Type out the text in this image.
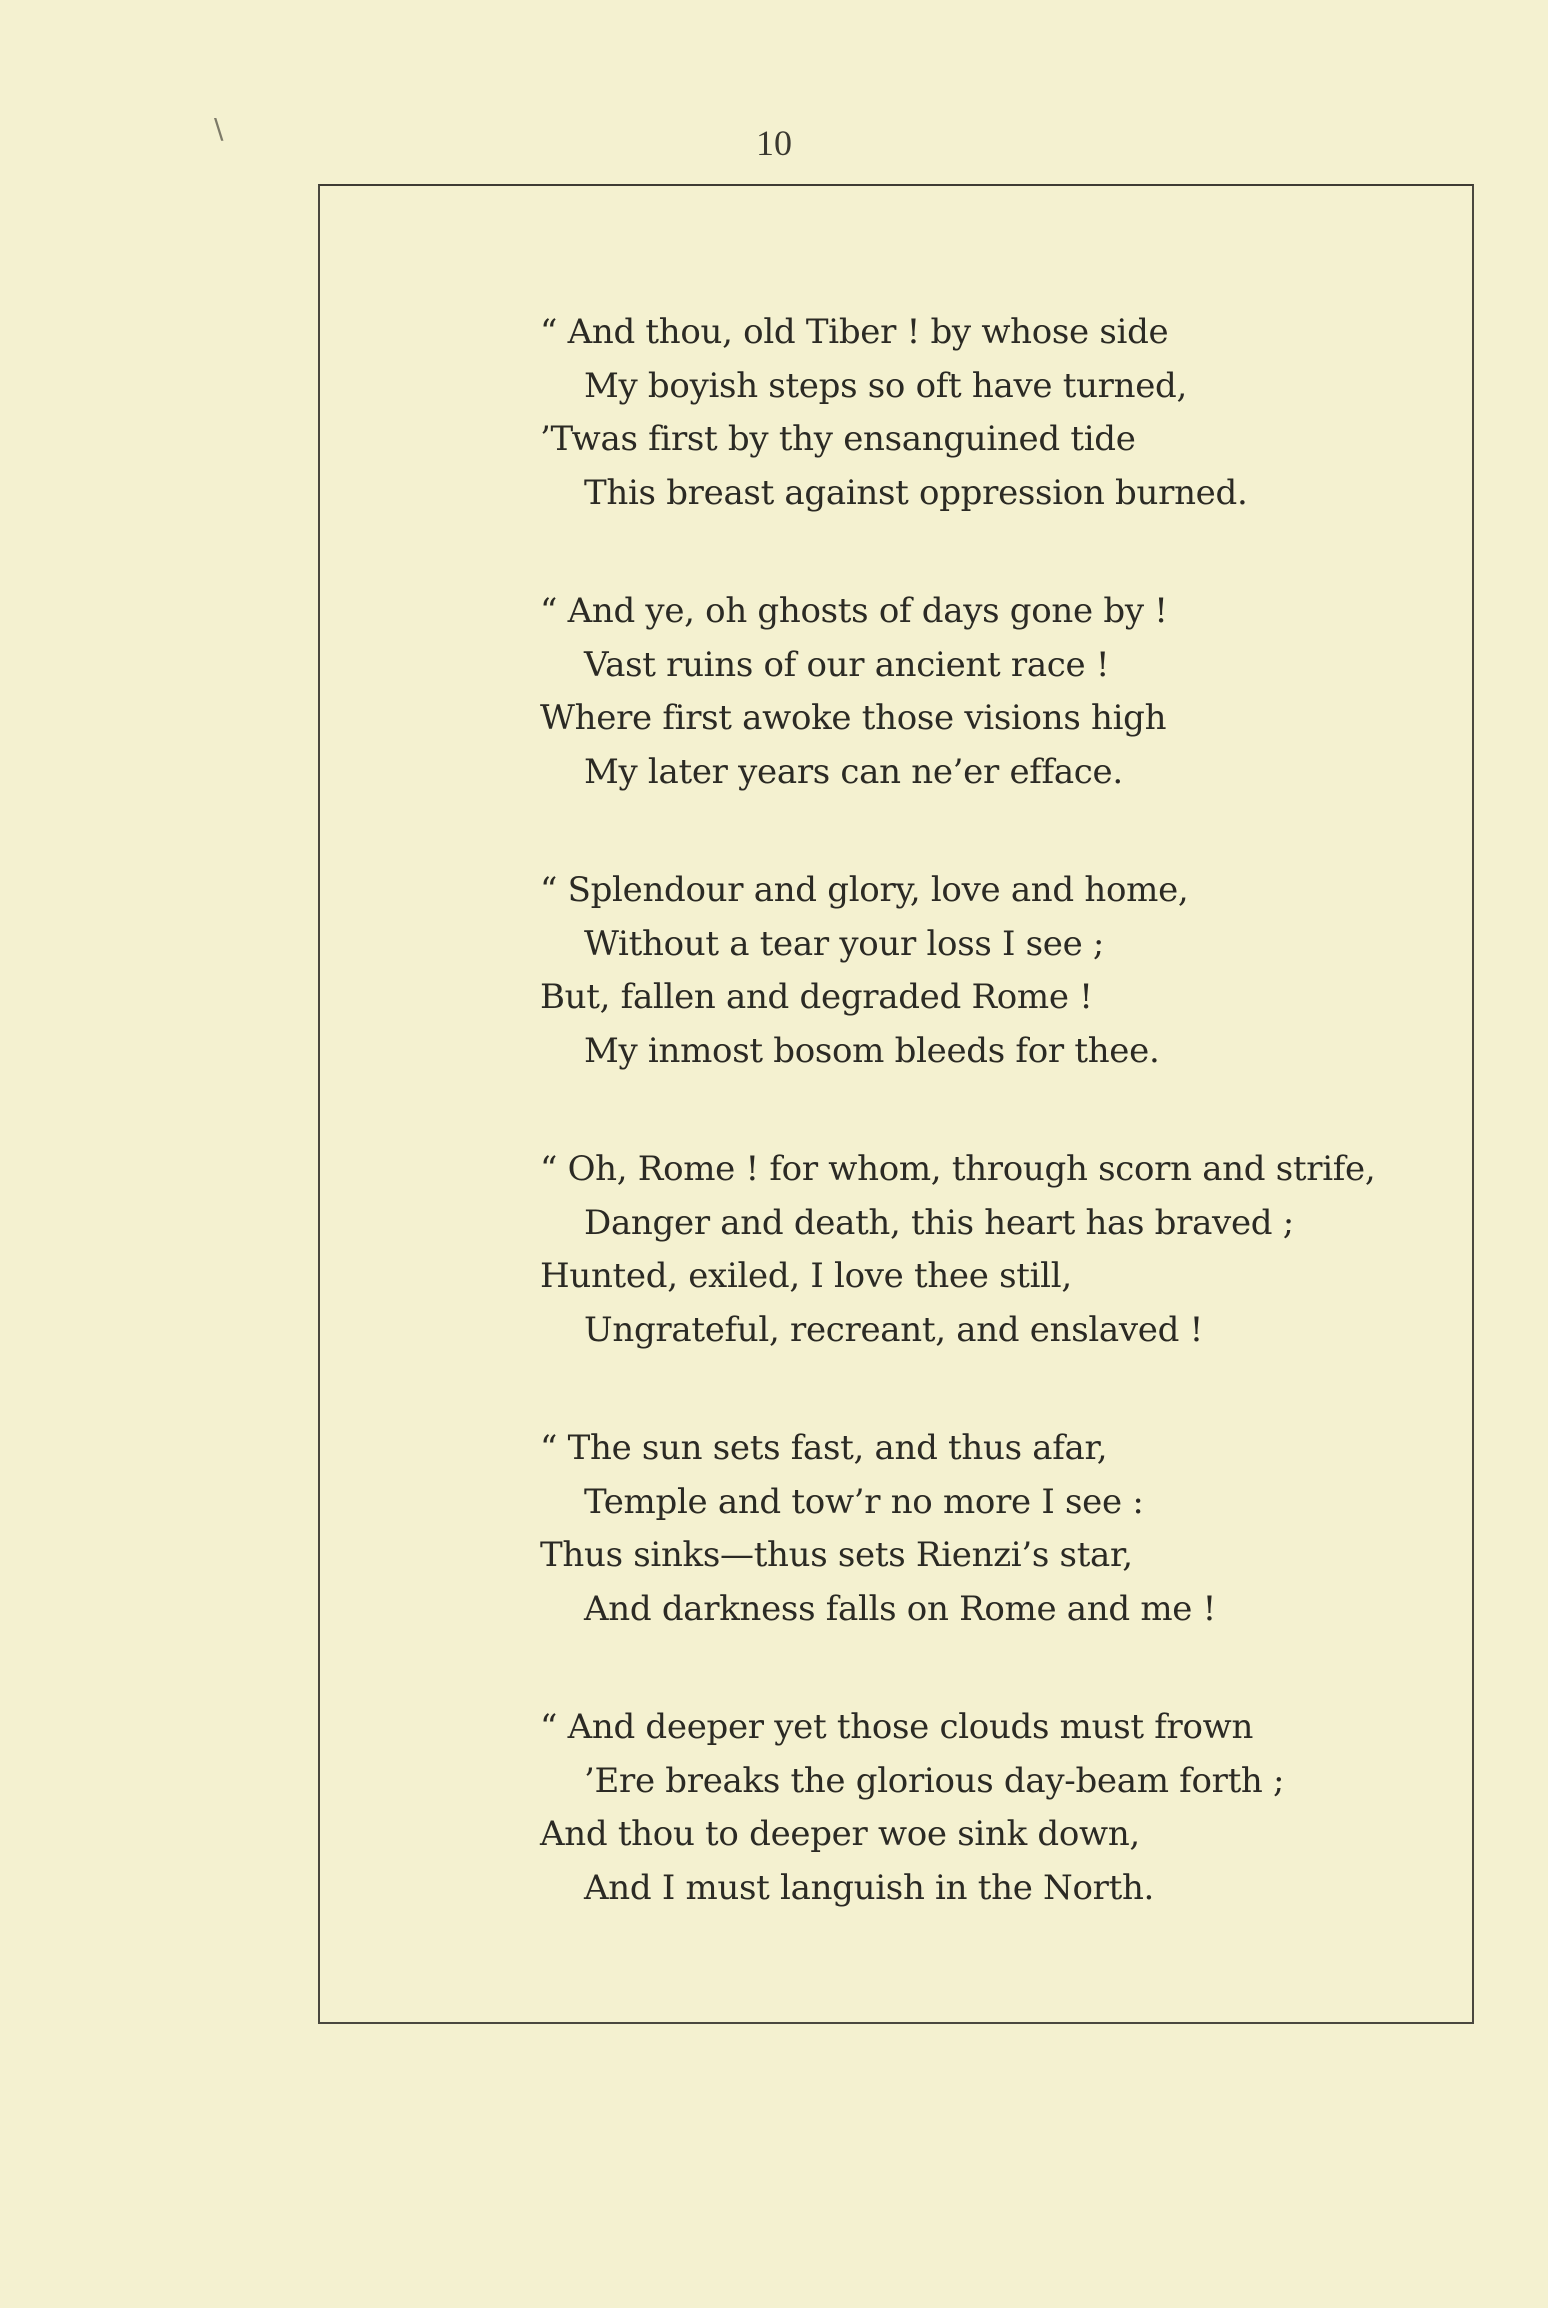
\	10
“ And thou, old Tiber ! by whose side
My boyish steps so oft have turned,
’Twas first by thy ensanguined tide
This breast against oppression burned.
“ And ye, oh ghosts of days gone by !
Vast ruins of our ancient race !
Where first awoke those visions high
My later years can ne’er efface.
“ Splendour and glory, love and home,
Without a tear your loss I see ;
But, fallen and degraded Rome !
My inmost bosom bleeds for thee.
“ Oh, Rome ! for whom, through scorn and strife,
Danger and death, this heart has braved ;
Hunted, exiled, I love thee still,
Ungrateful, recreant, and enslaved !
“ The sun sets fast, and thus afar,
Temple and tow’r no more I see :
Thus sinks—thus sets Rienzi’s star,
And darkness falls on Rome and me !
“ And deeper yet those clouds must frown
’Ere breaks the glorious day-beam forth ;
And thou to deeper woe sink down,
And I must languish in the North.
